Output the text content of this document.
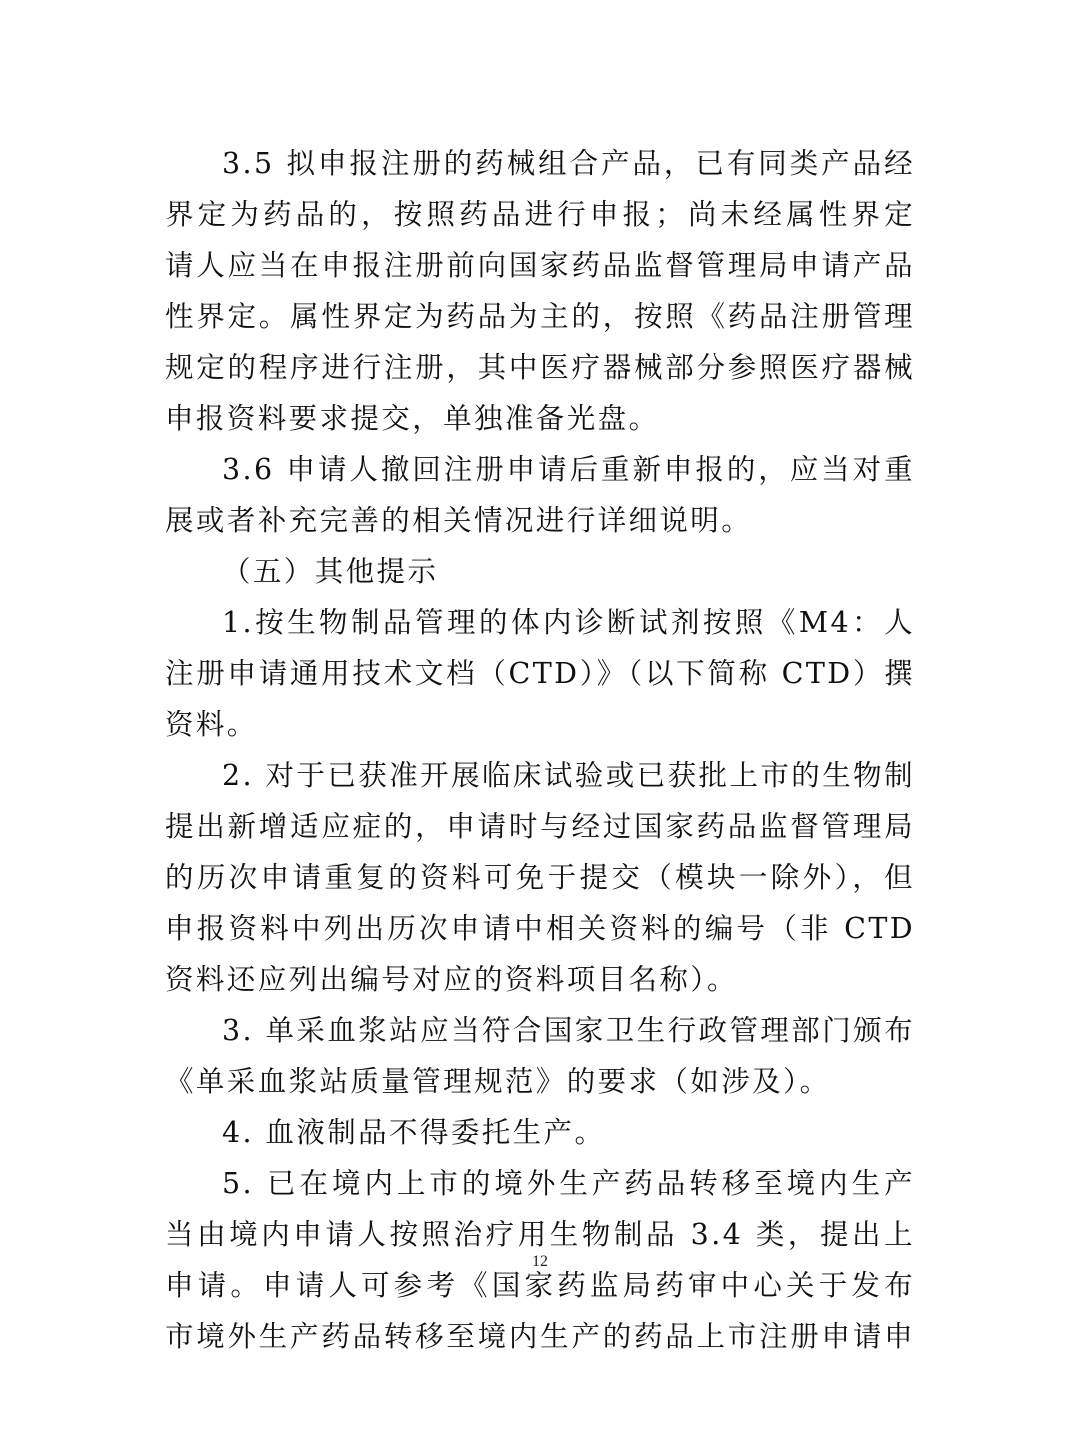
3.5 拟申报注册的药械组合产品，已有同类产品经
界定为药品的，按照药品进行申报；尚未经属性界定
请人应当在申报注册前向国家药品监督管理局申请产品
性界定。属性界定为药品为主的，按照《药品注册管理
规定的程序进行注册，其中医疗器械部分参照医疗器械
申报资料要求提交，单独准备光盘。
3.6 申请人撤回注册申请后重新申报的，应当对重
展或者补充完善的相关情况进行详细说明。
（五）其他提示
1.按生物制品管理的体内诊断试剂按照《M4：人
注册申请通用技术文档（CTD）》（以下简称 CTD）撰
资料。
2. 对于已获准开展临床试验或已获批上市的生物制
提出新增适应症的，申请时与经过国家药品监督管理局
的历次申请重复的资料可免于提交（模块一除外），但
申报资料中列出历次申请中相关资料的编号（非 CTD
资料还应列出编号对应的资料项目名称）。
3. 单采血浆站应当符合国家卫生行政管理部门颁布
《单采血浆站质量管理规范》的要求（如涉及）。
4. 血液制品不得委托生产。
5. 已在境内上市的境外生产药品转移至境内生产
当由境内申请人按照治疗用生物制品 3.4 类，提出上
申请。申请人可参考《国家药监局药审中心关于发布
市境外生产药品转移至境内生产的药品上市注册申请申
12
